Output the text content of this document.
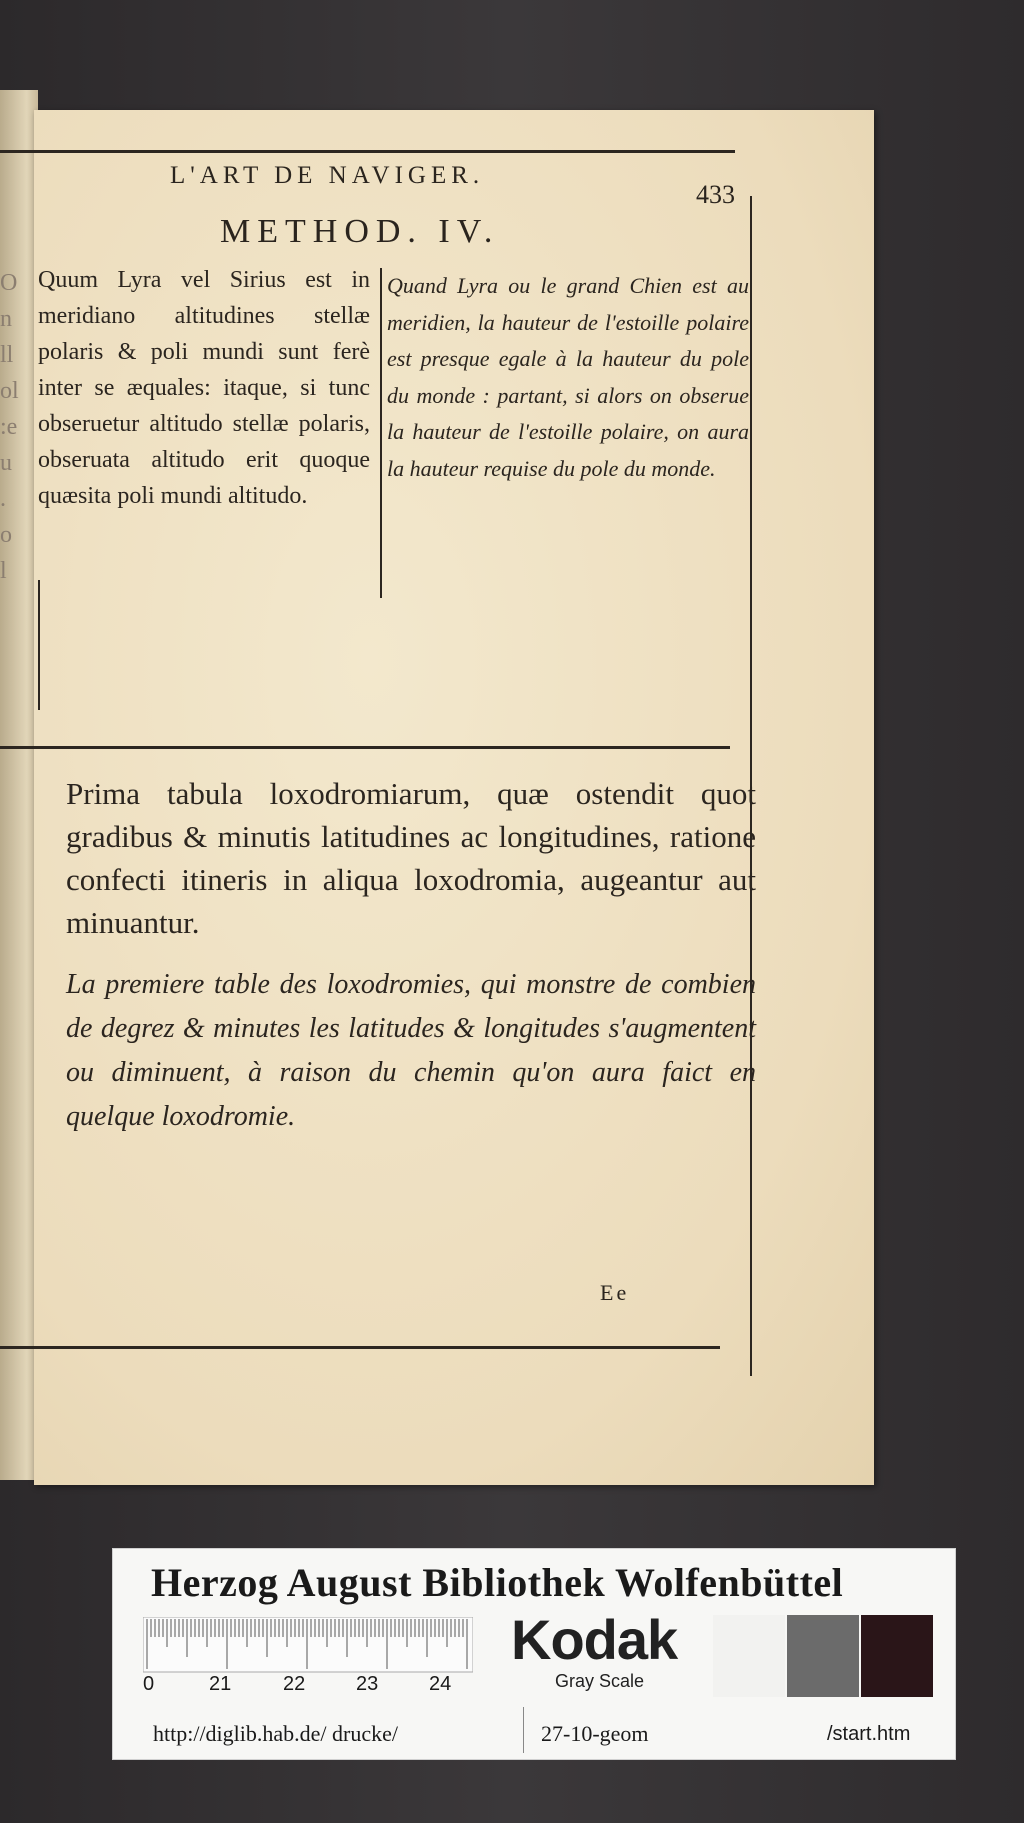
O
n
ll
ol
:e
u
.
o
l
L'ART DE NAVIGER.
433
METHOD. IV.
Quum Lyra vel Sirius est in meridiano altitudines stellæ polaris & poli mundi sunt ferè inter se æquales: itaque, si tunc obseruetur altitudo stellæ polaris, obseruata altitudo erit quoque quæsita poli mundi altitudo.
Quand Lyra ou le grand Chien est au meridien, la hauteur de l'estoille polaire est presque egale à la hauteur du pole du monde : partant, si alors on obserue la hauteur de l'estoille polaire, on aura la hauteur requise du pole du monde.
Prima tabula loxodromiarum, quæ ostendit quot gradibus & minutis latitudines ac longitudines, ratione confecti itineris in aliqua loxodromia, augeantur aut minuantur.
La premiere table des loxodromies, qui monstre de combien de degrez & minutes les latitudes & longitudes s'augmentent ou diminuent, à raison du chemin qu'on aura faict en quelque loxodromie.
Ee
Herzog August Bibliothek Wolfenbüttel
0	21	22	23	24
Kodak
Gray Scale
http://diglib.hab.de/ drucke/	27-10-geom	/start.htm
